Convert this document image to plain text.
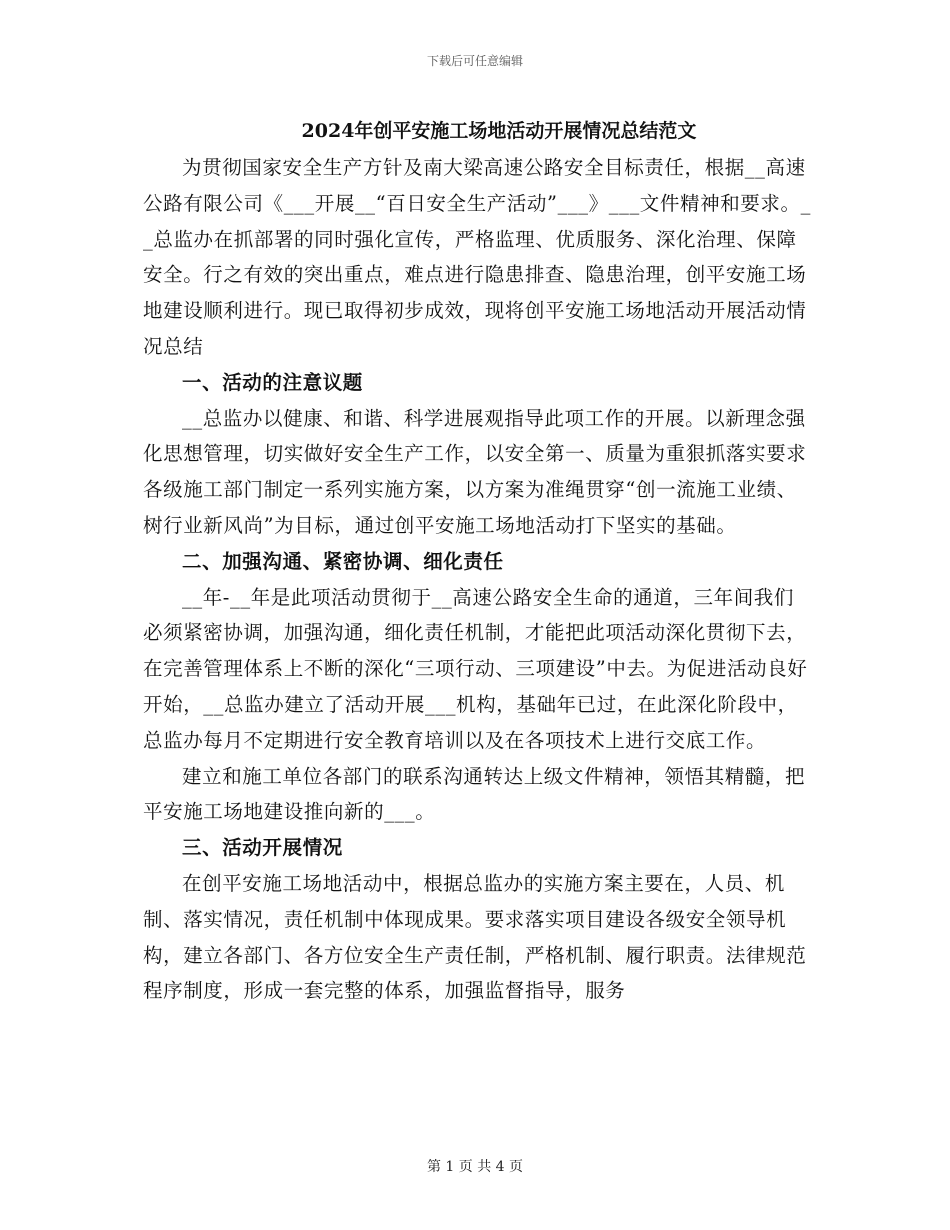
下载后可任意编辑
2024年创平安施工场地活动开展情况总结范文

为贯彻国家安全生产方针及南大梁高速公路安全目标责任，根据__高速公路有限公司《___开展__“百日安全生产活动”___》___文件精神和要求。__总监办在抓部署的同时强化宣传，严格监理、优质服务、深化治理、保障安全。行之有效的突出重点，难点进行隐患排查、隐患治理，创平安施工场地建设顺利进行。现已取得初步成效，现将创平安施工场地活动开展活动情况总结

一、活动的注意议题

__总监办以健康、和谐、科学进展观指导此项工作的开展。以新理念强化思想管理，切实做好安全生产工作，以安全第一、质量为重狠抓落实要求各级施工部门制定一系列实施方案，以方案为准绳贯穿“创一流施工业绩、树行业新风尚”为目标，通过创平安施工场地活动打下坚实的基础。

二、加强沟通、紧密协调、细化责任

__年-__年是此项活动贯彻于__高速公路安全生命的通道，三年间我们必须紧密协调，加强沟通，细化责任机制，才能把此项活动深化贯彻下去，在完善管理体系上不断的深化“三项行动、三项建设”中去。为促进活动良好开始，__总监办建立了活动开展___机构，基础年已过，在此深化阶段中，总监办每月不定期进行安全教育培训以及在各项技术上进行交底工作。

建立和施工单位各部门的联系沟通转达上级文件精神，领悟其精髓，把平安施工场地建设推向新的___。

三、活动开展情况

在创平安施工场地活动中，根据总监办的实施方案主要在，人员、机制、落实情况，责任机制中体现成果。要求落实项目建设各级安全领导机构，建立各部门、各方位安全生产责任制，严格机制、履行职责。法律规范程序制度，形成一套完整的体系，加强监督指导，服务

第 1 页 共 4 页
